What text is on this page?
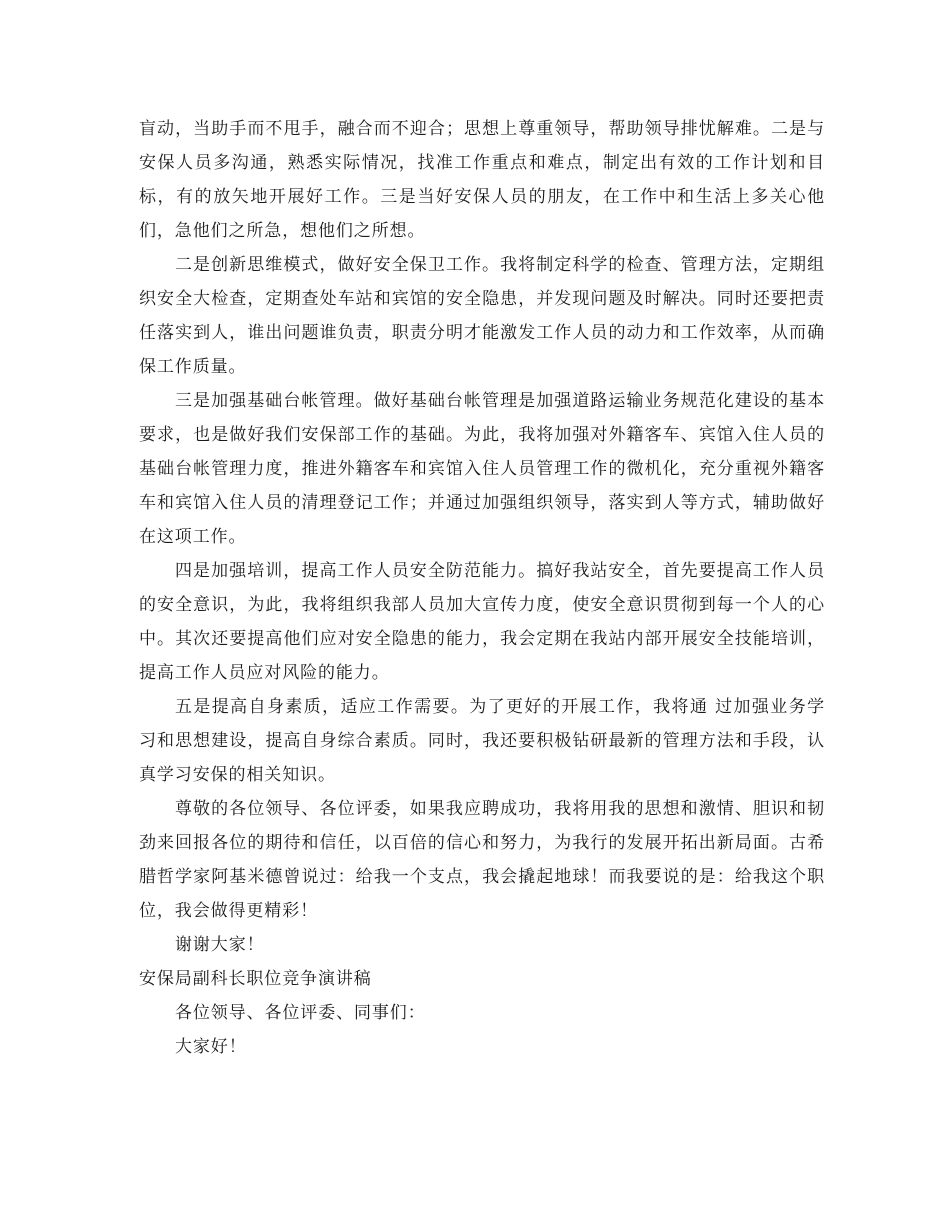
盲动，当助手而不甩手，融合而不迎合；思想上尊重领导，帮助领导排忧解难。二是与安保人员多沟通，熟悉实际情况，找准工作重点和难点，制定出有效的工作计划和目标，有的放矢地开展好工作。三是当好安保人员的朋友，在工作中和生活上多关心他们，急他们之所急，想他们之所想。

二是创新思维模式，做好安全保卫工作。我将制定科学的检查、管理方法，定期组织安全大检查，定期查处车站和宾馆的安全隐患，并发现问题及时解决。同时还要把责任落实到人，谁出问题谁负责，职责分明才能激发工作人员的动力和工作效率，从而确保工作质量。

三是加强基础台帐管理。做好基础台帐管理是加强道路运输业务规范化建设的基本要求，也是做好我们安保部工作的基础。为此，我将加强对外籍客车、宾馆入住人员的基础台帐管理力度，推进外籍客车和宾馆入住人员管理工作的微机化，充分重视外籍客车和宾馆入住人员的清理登记工作；并通过加强组织领导，落实到人等方式，辅助做好在这项工作。

四是加强培训，提高工作人员安全防范能力。搞好我站安全，首先要提高工作人员的安全意识，为此，我将组织我部人员加大宣传力度，使安全意识贯彻到每一个人的心中。其次还要提高他们应对安全隐患的能力，我会定期在我站内部开展安全技能培训，提高工作人员应对风险的能力。

五是提高自身素质，适应工作需要。为了更好的开展工作，我将通 过加强业务学习和思想建设，提高自身综合素质。同时，我还要积极钻研最新的管理方法和手段，认真学习安保的相关知识。

尊敬的各位领导、各位评委，如果我应聘成功，我将用我的思想和激情、胆识和韧劲来回报各位的期待和信任，以百倍的信心和努力，为我行的发展开拓出新局面。古希腊哲学家阿基米德曾说过：给我一个支点，我会撬起地球！而我要说的是：给我这个职位，我会做得更精彩！

谢谢大家！

安保局副科长职位竞争演讲稿

各位领导、各位评委、同事们：

大家好！
